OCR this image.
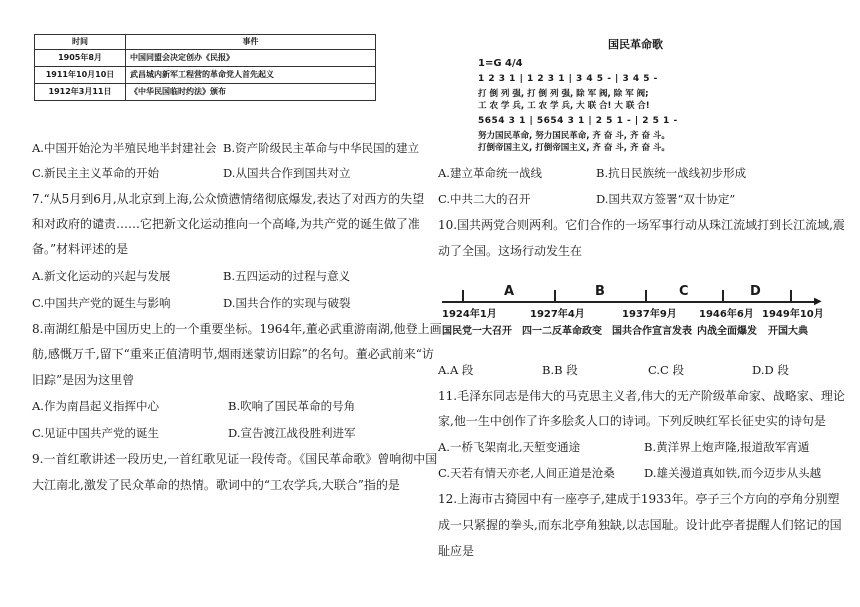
时间	事件
1905年8月	中国同盟会决定创办《民报》
1911年10月10日	武昌城内新军工程营的革命党人首先起义
1912年3月11日	《中华民国临时约法》颁布
A.中国开始沦为半殖民地半封建社会 B.资产阶级民主革命与中华民国的建立
C.新民主主义革命的开始	D.从国共合作到国共对立
7.“从5月到6月,从北京到上海,公众愤懑情绪彻底爆发,表达了对西方的失望
和对政府的谴责……它把新文化运动推向一个高峰,为共产党的诞生做了准
备。”材料评述的是
A.新文化运动的兴起与发展	B.五四运动的过程与意义
C.中国共产党的诞生与影响	D.国共合作的实现与破裂
8.南湖红船是中国历史上的一个重要坐标。1964年,董必武重游南湖,他登上画
舫,感慨万千,留下“重来正值清明节,烟雨迷蒙访旧踪”的名句。董必武前来“访
旧踪”是因为这里曾
A.作为南昌起义指挥中心	B.吹响了国民革命的号角
C.见证中国共产党的诞生	D.宣告渡江战役胜利进军
9.一首红歌讲述一段历史,一首红歌见证一段传奇。《国民革命歌》曾响彻中国
大江南北,激发了民众革命的热情。歌词中的“工农学兵,大联合”指的是
国民革命歌
1=G 4/4
1 2 3 1 | 1 2 3 1 | 3 4 5 - | 3 4 5 -
打 倒 列 强, 打 倒 列 强, 除 军 阀, 除 军 阀;
工 农 学 兵, 工 农 学 兵, 大 联 合! 大 联 合!
5654 3 1 | 5654 3 1 | 2 5 1 - | 2 5 1 -
努力国民革命, 努力国民革命, 齐 奋 斗, 齐 奋 斗。
打倒帝国主义, 打倒帝国主义, 齐 奋 斗, 齐 奋 斗。
A.建立革命统一战线	B.抗日民族统一战线初步形成
C.中共二大的召开	D.国共双方签署“双十协定”
10.国共两党合则两利。它们合作的一场军事行动从珠江流域打到长江流域,震
动了全国。这场行动发生在
▶
A	B	C	D
1924年1月	1927年4月	1937年9月 1946年6月 1949年10月
国民党一大召开 四一二反革命政变 国共合作宣言发表 内战全面爆发 开国大典
A.A 段	B.B 段	C.C 段	D.D 段
11.毛泽东同志是伟大的马克思主义者,伟大的无产阶级革命家、战略家、理论
家,他一生中创作了许多脍炙人口的诗词。下列反映红军长征史实的诗句是
A.一桥飞架南北,天堑变通途	B.黄洋界上炮声隆,报道敌军宵遁
C.天若有情天亦老,人间正道是沧桑	D.雄关漫道真如铁,而今迈步从头越
12.上海市古猗园中有一座亭子,建成于1933年。亭子三个方向的亭角分别塑
成一只紧握的拳头,而东北亭角独缺,以志国耻。设计此亭者提醒人们铭记的国
耻应是
